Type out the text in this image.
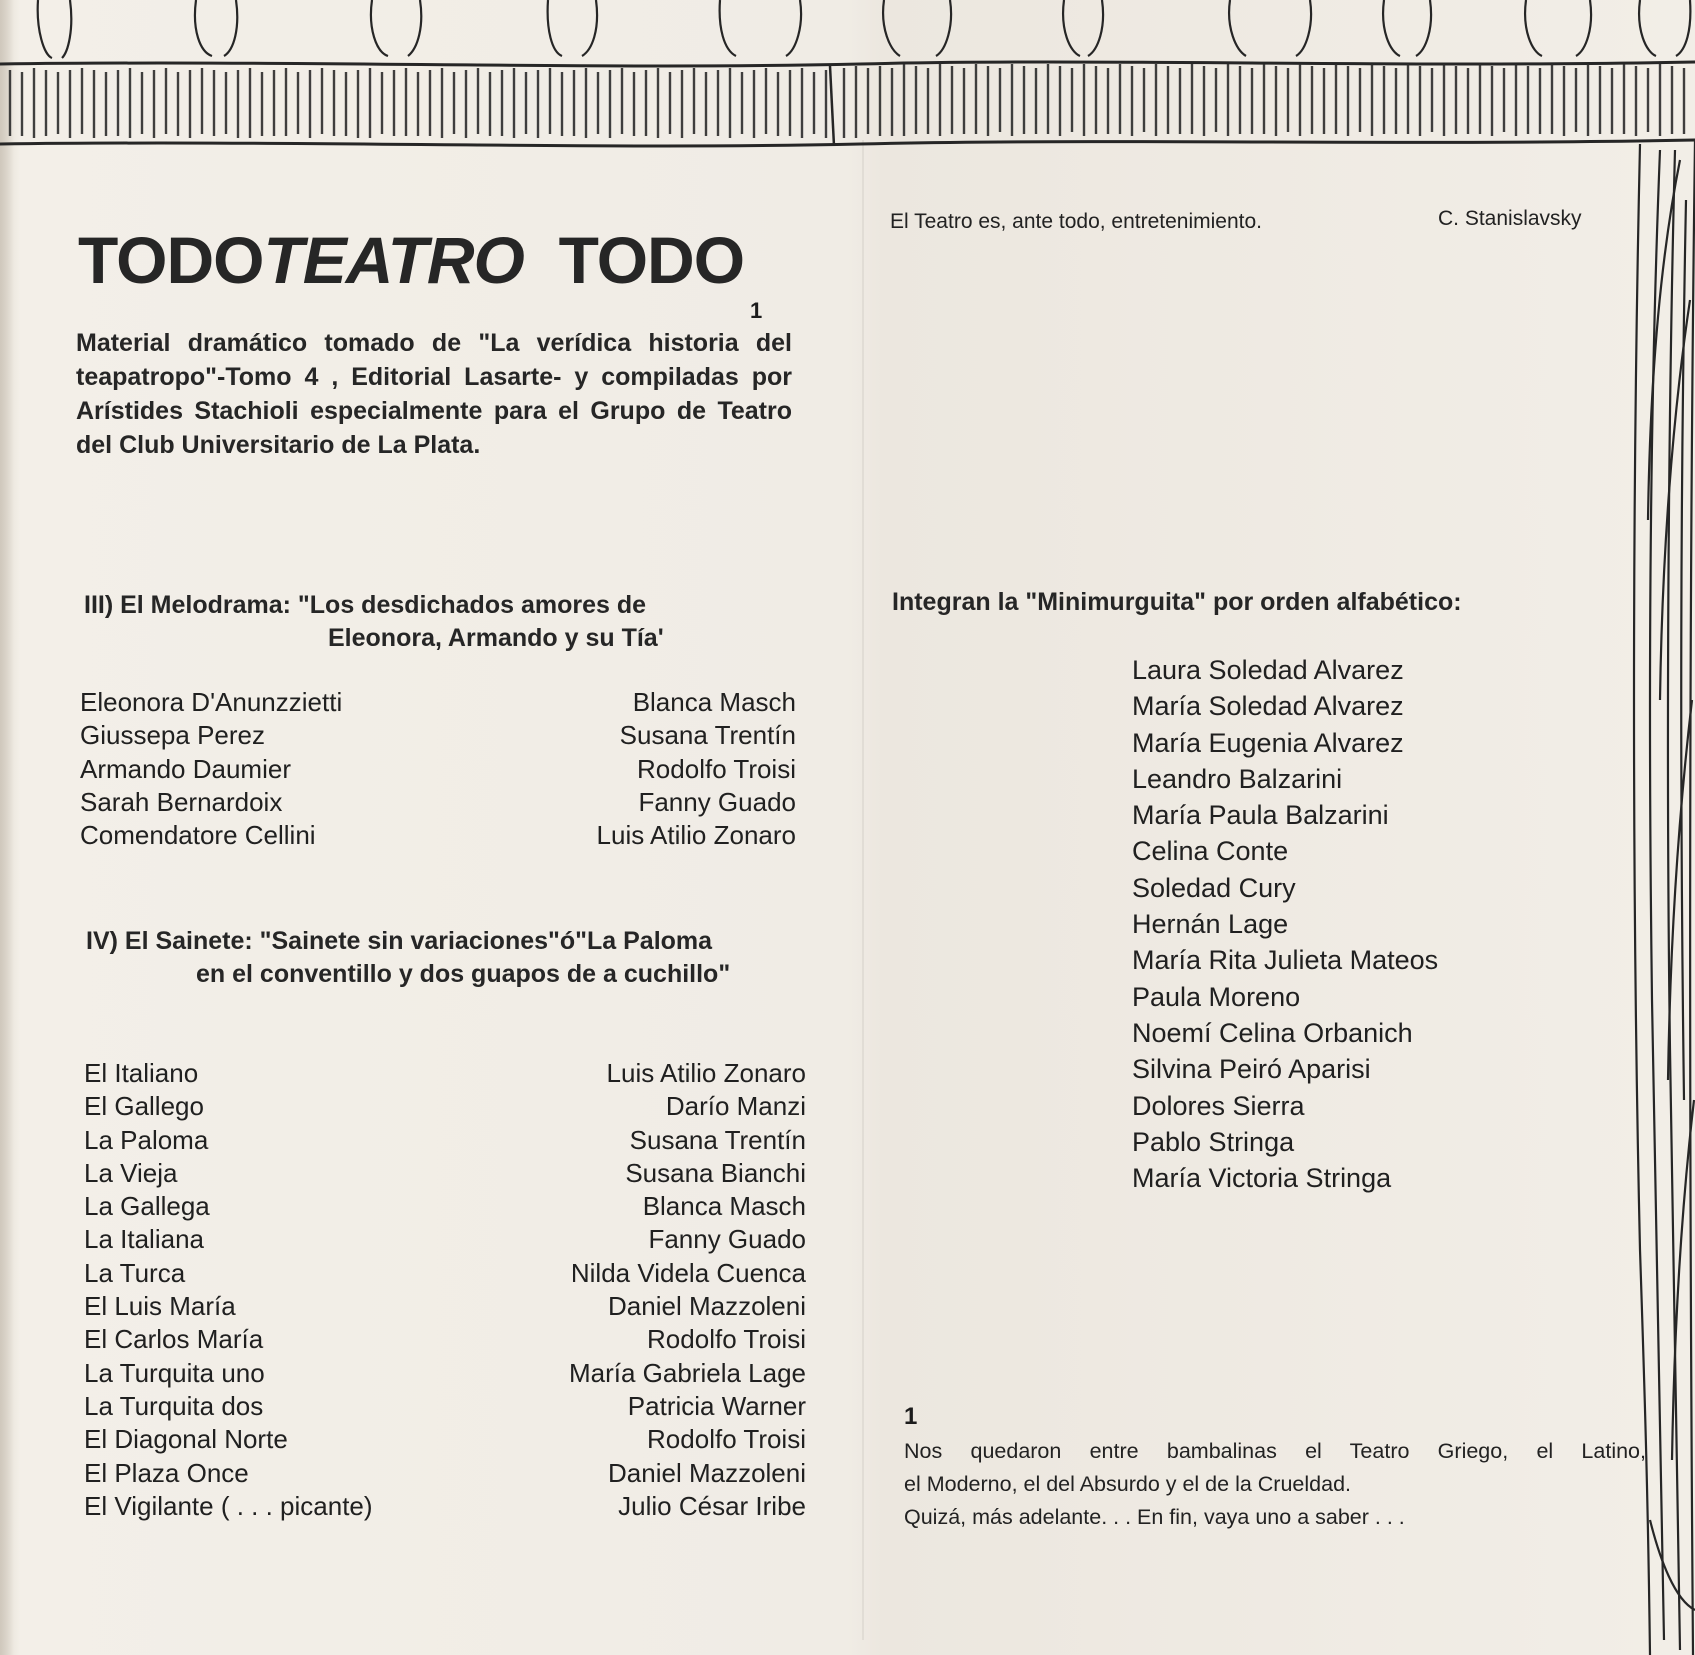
TODOTEATRO TODO
1
Material dramático tomado de "La verídica historia del teapatropo"-Tomo 4 , Editorial Lasarte- y compiladas por Arístides Stachioli especialmente para el Grupo de Teatro del Club Universitario de La Plata.
III) El Melodrama: "Los desdichados amores de
Eleonora, Armando y su Tía'
Eleonora D'Anunzzietti	Blanca Masch
Giussepa Perez	Susana Trentín
Armando Daumier	Rodolfo Troisi
Sarah Bernardoix	Fanny Guado
Comendatore Cellini	Luis Atilio Zonaro
IV) El Sainete: "Sainete sin variaciones"ó"La Paloma
en el conventillo y dos guapos de a cuchillo"
El Italiano	Luis Atilio Zonaro
El Gallego	Darío Manzi
La Paloma	Susana Trentín
La Vieja	Susana Bianchi
La Gallega	Blanca Masch
La Italiana	Fanny Guado
La Turca	Nilda Videla Cuenca
El Luis María	Daniel Mazzoleni
El Carlos María	Rodolfo Troisi
La Turquita uno	María Gabriela Lage
La Turquita dos	Patricia Warner
El Diagonal Norte	Rodolfo Troisi
El Plaza Once	Daniel Mazzoleni
El Vigilante ( . . . picante)	Julio César Iribe
El Teatro es, ante todo, entretenimiento.	C. Stanislavsky
Integran la "Minimurguita" por orden alfabético:
Laura Soledad Alvarez
María Soledad Alvarez
María Eugenia Alvarez
Leandro Balzarini
María Paula Balzarini
Celina Conte
Soledad Cury
Hernán Lage
María Rita Julieta Mateos
Paula Moreno
Noemí Celina Orbanich
Silvina Peiró Aparisi
Dolores Sierra
Pablo Stringa
María Victoria Stringa
1

Nos quedaron entre bambalinas el Teatro Griego, el Latino,

el Moderno, el del Absurdo y el de la Crueldad.

Quizá, más adelante. . . En fin, vaya uno a saber . . .
